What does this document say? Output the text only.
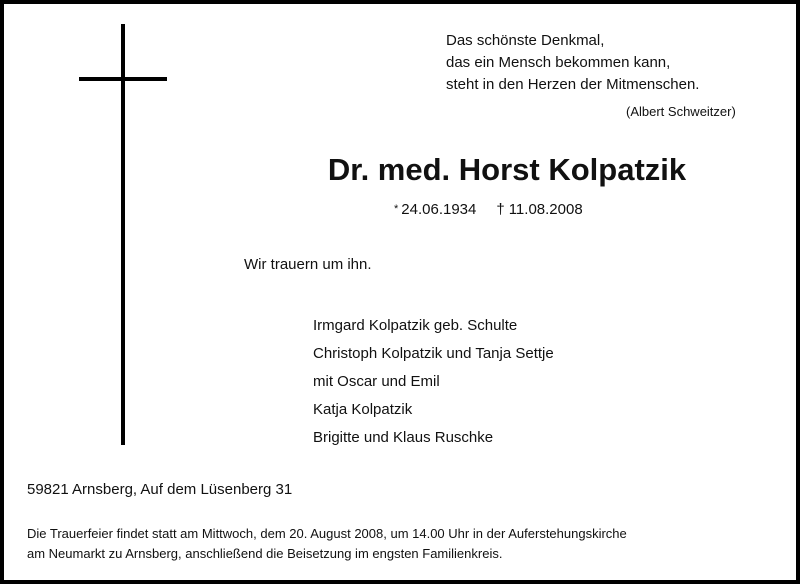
Das schönste Denkmal,
das ein Mensch bekommen kann,
steht in den Herzen der Mitmenschen.
(Albert Schweitzer)
Dr. med. Horst Kolpatzik
* 24.06.1934 † 11.08.2008
Wir trauern um ihn.
Irmgard Kolpatzik geb. Schulte
Christoph Kolpatzik und Tanja Settje
mit Oscar und Emil
Katja Kolpatzik
Brigitte und Klaus Ruschke
59821 Arnsberg, Auf dem Lüsenberg 31
Die Trauerfeier findet statt am Mittwoch, dem 20. August 2008, um 14.00 Uhr in der Auferstehungskirche
am Neumarkt zu Arnsberg, anschließend die Beisetzung im engsten Familienkreis.
